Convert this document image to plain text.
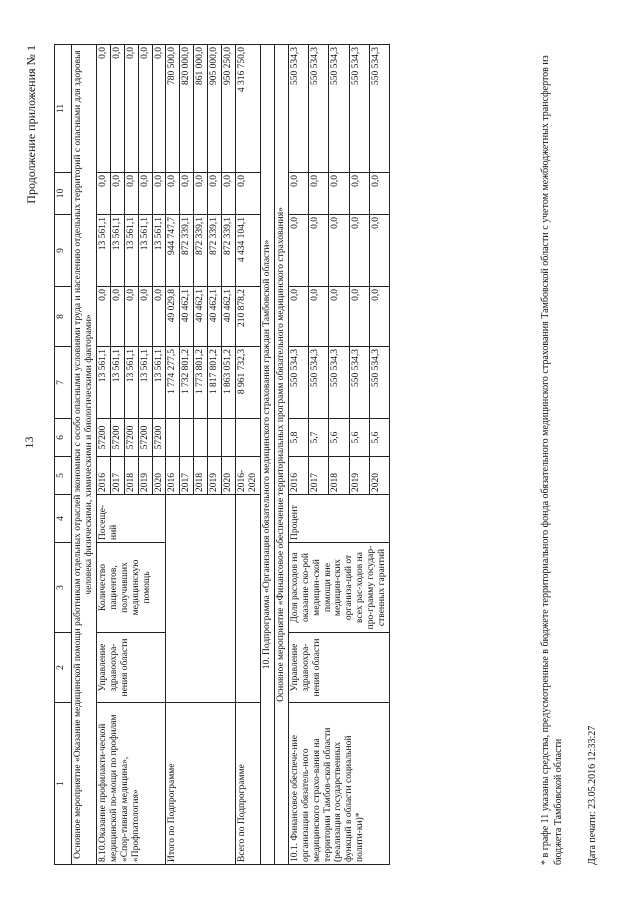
13
Продолжение приложения № 1
1	2	3	4	5	6	7	8	9	10	11
Основное мероприятие «Оказание медицинской помощи работникам отдельных отраслей экономики с особо опасными условиями труда и населению отдельных территорий с опасными для здоровья человека физическими, химическими и биологическими факторами»										
8.10.Оказание профилакти-ческой медицинской по-мощи по профилям «Спор-тивная медицина», «Профпатология»	Управление здравоохра-нения области	Количество пациентов, получивших медицинскую помощь	Посеще-ний	2016	57200	13 561,1	0,0	13 561,1	0,0	0,0
				2017	57200	13 561,1	0,0	13 561,1	0,0	0,0
				2018	57200	13 561,1	0,0	13 561,1	0,0	0,0
				2019	57200	13 561,1	0,0	13 561,1	0,0	0,0
				2020	57200	13 561,1	0,0	13 561,1	0,0	0,0
Итого по Подпрограмме				2016		1 774 277,5	49 029,8	944 747,7	0,0	780 500,0
				2017		1 732 801,2	40 462,1	872 339,1	0,0	820 000,0
				2018		1 773 801,2	40 462,1	872 339,1	0,0	861 000,0
				2019		1 817 801,2	40 462,1	872 339,1	0,0	905 000,0
				2020		1 863 051,2	40 462,1	872 339,1	0,0	950 250,0
Всего по Подпрограмме				2016-2020		8 961 732,3	210 878,2	4 434 104,1	0,0	4 316 750,0
10. Подпрограмма «Организация обязательного медицинского страхования граждан Тамбовской области»										
Основное мероприятие «Финансовое обеспечение территориальных программ обязательного медицинского страхования»										
10.1. Финансовое обеспече-ние организации обязатель-ного медицинского страхо-вания на территории Тамбов-ской области (реализация государственных функций в области социальной полити-ки)*	Управление здравоохра-нения области	Доля расходов на оказание ско-рой медицин-ской помощи вне медицин-ских организа-ций от всех рас-ходов на про-грамму государ-ственных гарантий	Процент	2016	5,8	550 534,3	0,0	0,0	0,0	550 534,3
				2017	5,7	550 534,3	0,0	0,0	0,0	550 534,3
				2018	5,6	550 534,3	0,0	0,0	0,0	550 534,3
				2019	5,6	550 534,3	0,0	0,0	0,0	550 534,3
				2020	5,6	550 534,3	0,0	0,0	0,0	550 534,3	* в графе 11 указаны средства, предусмотренные в бюджете территориального фонда обязательного медицинского страхования Тамбовской области с учетом межбюджетных трансфертов из бюджета Тамбовской области Дата печати: 23.05.2016 12:33:27
